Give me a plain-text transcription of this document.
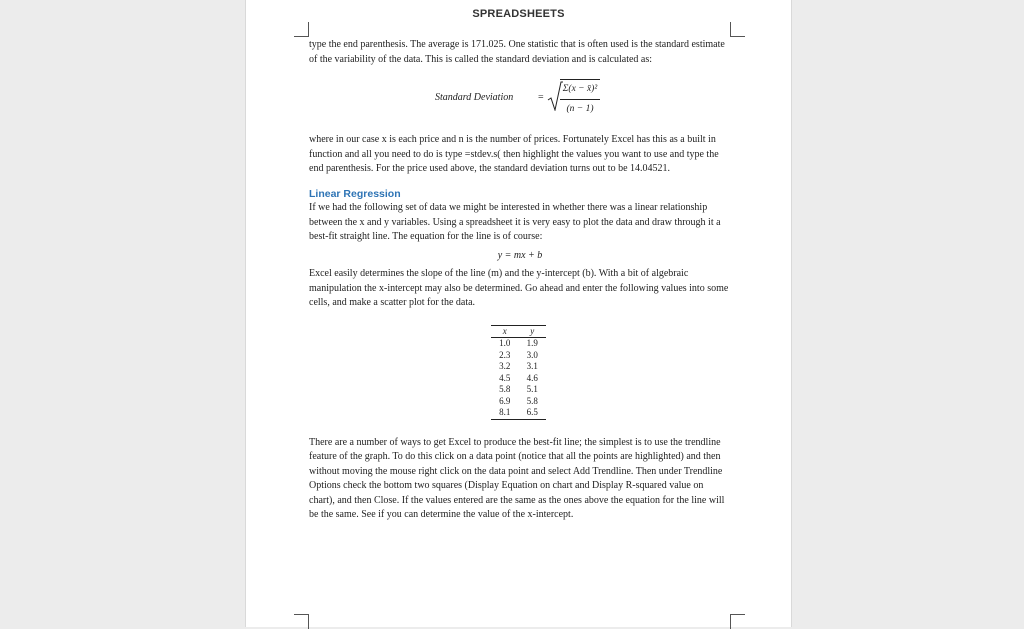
SPREADSHEETS

type the end parenthesis. The average is 171.025. One statistic that is often used is the standard estimate of the variability of the data. This is called the standard deviation and is calculated as:

Standard Deviation = $\frac{\text{Σ(x − x̄)²}}{(n - 1)}$

where in our case x is each price and n is the number of prices. Fortunately Excel has this as a built in function and all you need to do is type =stdev.s( then highlight the values you want to use and type the end parenthesis. For the price used above, the standard deviation turns out to be 14.04521.

Linear Regression

If we had the following set of data we might be interested in whether there was a linear relationship between the x and y variables. Using a spreadsheet it is very easy to plot the data and draw through it a best-fit straight line. The equation for the line is of course:

y = mx + b

Excel easily determines the slope of the line (m) and the y-intercept (b). With a bit of algebraic manipulation the x-intercept may also be determined. Go ahead and enter the following values into some cells, and make a scatter plot for the data.

x	y
1.0	1.9
2.3	3.0
3.2	3.1
4.5	4.6
5.8	5.1
6.9	5.8
8.1	6.5

There are a number of ways to get Excel to produce the best-fit line; the simplest is to use the trendline feature of the graph. To do this click on a data point (notice that all the points are highlighted) and then without moving the mouse right click on the data point and select Add Trendline. Then under Trendline Options check the bottom two squares (Display Equation on chart and Display R-squared value on chart), and then Close. If the values entered are the same as the ones above the equation for the line will be the same. See if you can determine the value of the x-intercept.
